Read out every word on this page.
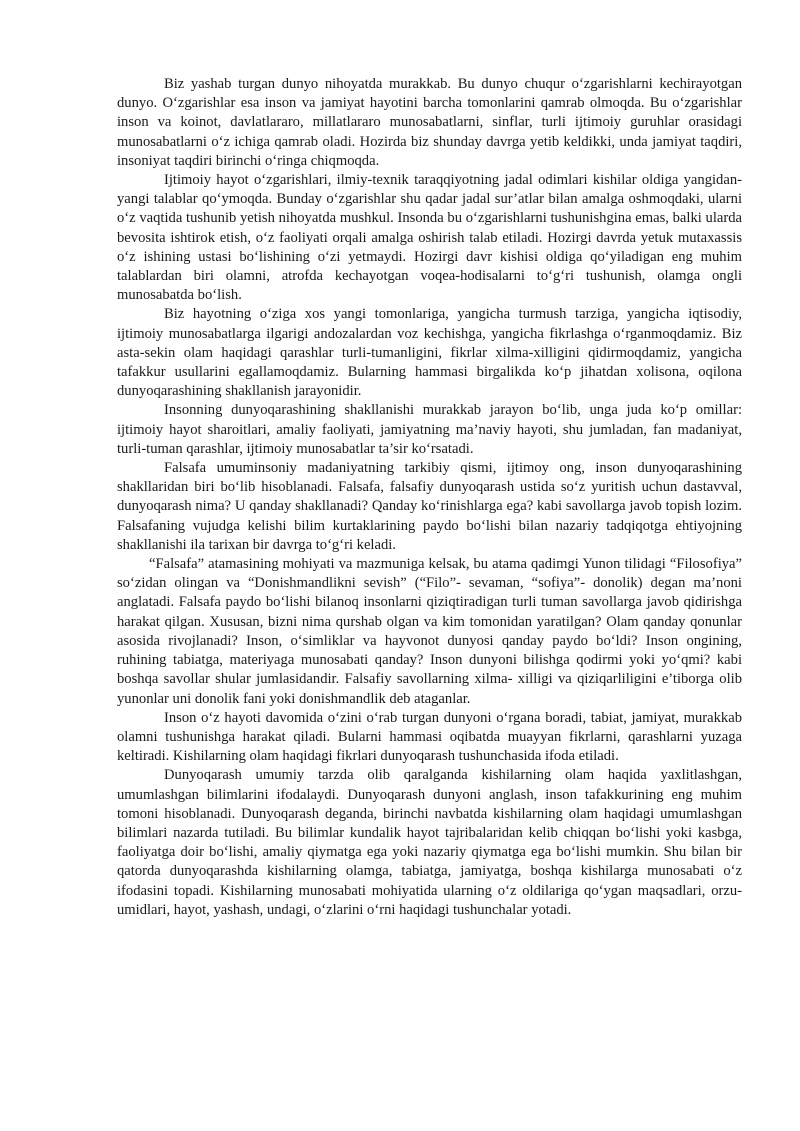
Biz yashab turgan dunyo nihoyatda murakkab. Bu dunyo chuqur o‘zgarishlarni kechirayotgan dunyo. O‘zgarishlar esa inson va jamiyat hayotini barcha tomonlarini qamrab olmoqda. Bu o‘zgarishlar inson va koinot, davlatlararo, millatlararo munosabatlarni, sinflar, turli ijtimoiy guruhlar orasidagi munosabatlarni o‘z ichiga qamrab oladi. Hozirda biz shunday davrga yetib keldikki, unda jamiyat taqdiri, insoniyat taqdiri birinchi o‘ringa chiqmoqda.

Ijtimoiy hayot o‘zgarishlari, ilmiy-texnik taraqqiyotning jadal odimlari kishilar oldiga yangidan-yangi talablar qo‘ymoqda. Bunday o‘zgarishlar shu qadar jadal sur’atlar bilan amalga oshmoqdaki, ularni o‘z vaqtida tushunib yetish nihoyatda mushkul. Insonda bu o‘zgarishlarni tushunishgina emas, balki ularda bevosita ishtirok etish, o‘z faoliyati orqali amalga oshirish talab etiladi. Hozirgi davrda yetuk mutaxassis o‘z ishining ustasi bo‘lishining o‘zi yetmaydi. Hozirgi davr kishisi oldiga qo‘yiladigan eng muhim talablardan biri olamni, atrofda kechayotgan voqea-hodisalarni to‘g‘ri tushunish, olamga ongli munosabatda bo‘lish.

Biz hayotning o‘ziga xos yangi tomonlariga, yangicha turmush tarziga, yangicha iqtisodiy, ijtimoiy munosabatlarga ilgarigi andozalardan voz kechishga, yangicha fikrlashga o‘rganmoqdamiz. Biz asta-sekin olam haqidagi qarashlar turli-tumanligini, fikrlar xilma-xilligini qidirmoqdamiz, yangicha tafakkur usullarini egallamoqdamiz. Bularning hammasi birgalikda ko‘p jihatdan xolisona, oqilona dunyoqarashining shakllanish jarayonidir.

Insonning dunyoqarashining shakllanishi murakkab jarayon bo‘lib, unga juda ko‘p omillar: ijtimoiy hayot sharoitlari, amaliy faoliyati, jamiyatning ma’naviy hayoti, shu jumladan, fan madaniyat, turli-tuman qarashlar, ijtimoiy munosabatlar ta’sir ko‘rsatadi.

Falsafa umuminsoniy madaniyatning tarkibiy qismi, ijtimoy ong, inson dunyoqarashining shakllaridan biri bo‘lib hisoblanadi. Falsafa, falsafiy dunyoqarash ustida so‘z yuritish uchun dastavval, dunyoqarash nima? U qanday shakllanadi? Qanday ko‘rinishlarga ega? kabi savollarga javob topish lozim. Falsafaning vujudga kelishi bilim kurtaklarining paydo bo‘lishi bilan nazariy tadqiqotga ehtiyojning shakllanishi ila tarixan bir davrga to‘g‘ri keladi.

“Falsafa” atamasining mohiyati va mazmuniga kelsak, bu atama qadimgi Yunon tilidagi “Filosofiya” so‘zidan olingan va “Donishmandlikni sevish” (“Filo”- sevaman, “sofiya”- donolik) degan ma’noni anglatadi. Falsafa paydo bo‘lishi bilanoq insonlarni qiziqtiradigan turli tuman savollarga javob qidirishga harakat qilgan. Xususan, bizni nima qurshab olgan va kim tomonidan yaratilgan? Olam qanday qonunlar asosida rivojlanadi? Inson, o‘simliklar va hayvonot dunyosi qanday paydo bo‘ldi? Inson ongining, ruhining tabiatga, materiyaga munosabati qanday? Inson dunyoni bilishga qodirmi yoki yo‘qmi? kabi boshqa savollar shular jumlasidandir. Falsafiy savollarning xilma- xilligi va qiziqarliligini e’tiborga olib yunonlar uni donolik fani yoki donishmandlik deb ataganlar.

Inson o‘z hayoti davomida o‘zini o‘rab turgan dunyoni o‘rgana boradi, tabiat, jamiyat, murakkab olamni tushunishga harakat qiladi. Bularni hammasi oqibatda muayyan fikrlarni, qarashlarni yuzaga keltiradi. Kishilarning olam haqidagi fikrlari dunyoqarash tushunchasida ifoda etiladi.

Dunyoqarash umumiy tarzda olib qaralganda kishilarning olam haqida yaxlitlashgan, umumlashgan bilimlarini ifodalaydi. Dunyoqarash dunyoni anglash, inson tafakkurining eng muhim tomoni hisoblanadi. Dunyoqarash deganda, birinchi navbatda kishilarning olam haqidagi umumlashgan bilimlari nazarda tutiladi. Bu bilimlar kundalik hayot tajribalaridan kelib chiqqan bo‘lishi yoki kasbga, faoliyatga doir bo‘lishi, amaliy qiymatga ega yoki nazariy qiymatga ega bo‘lishi mumkin. Shu bilan bir qatorda dunyoqarashda kishilarning olamga, tabiatga, jamiyatga, boshqa kishilarga munosabati o‘z ifodasini topadi. Kishilarning munosabati mohiyatida ularning o‘z oldilariga qo‘ygan maqsadlari, orzu-umidlari, hayot, yashash, undagi, o‘zlarini o‘rni haqidagi tushunchalar yotadi.
